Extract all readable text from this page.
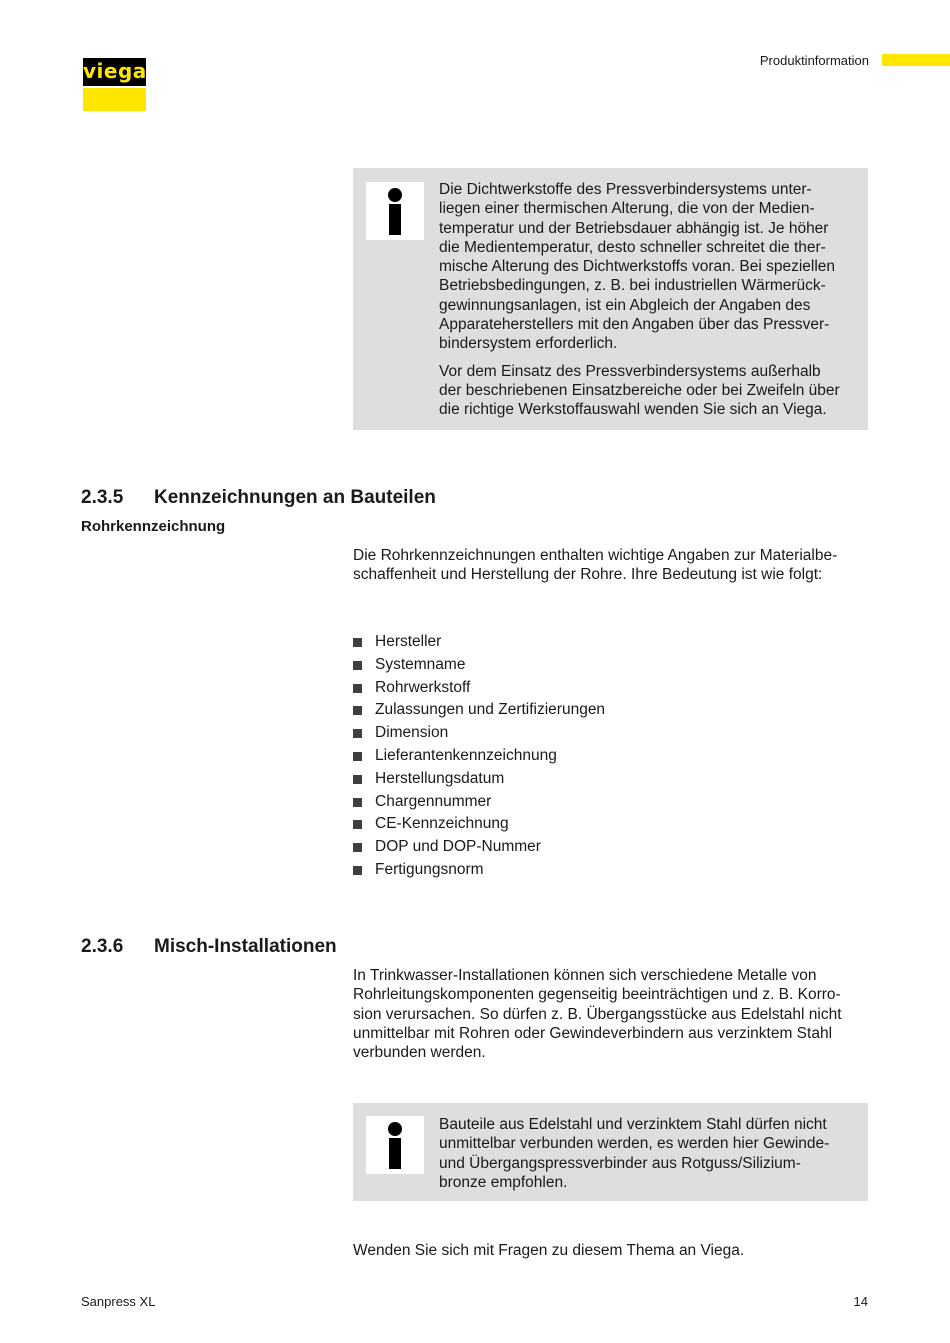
viega	Produktinformation

Die Dichtwerkstoffe des Pressverbindersystems unter-
liegen einer thermischen Alterung, die von der Medien-
temperatur und der Betriebsdauer abhängig ist. Je höher
die Medientemperatur, desto schneller schreitet die ther-
mische Alterung des Dichtwerkstoffs voran. Bei speziellen
Betriebsbedingungen, z. B. bei industriellen Wärmerück-
gewinnungsanlagen, ist ein Abgleich der Angaben des
Apparateherstellers mit den Angaben über das Pressver-
bindersystem erforderlich.

Vor dem Einsatz des Pressverbindersystems außerhalb
der beschriebenen Einsatzbereiche oder bei Zweifeln über
die richtige Werkstoffauswahl wenden Sie sich an Viega.

2.3.5 Kennzeichnungen an Bauteilen
Rohrkennzeichnung

Die Rohrkennzeichnungen enthalten wichtige Angaben zur Materialbe-
schaffenheit und Herstellung der Rohre. Ihre Bedeutung ist wie folgt:

Hersteller
Systemname
Rohrwerkstoff
Zulassungen und Zertifizierungen
Dimension
Lieferantenkennzeichnung
Herstellungsdatum
Chargennummer
CE-Kennzeichnung
DOP und DOP-Nummer
Fertigungsnorm
2.3.6 Misch-Installationen

In Trinkwasser-Installationen können sich verschiedene Metalle von
Rohrleitungskomponenten gegenseitig beeinträchtigen und z. B. Korro-
sion verursachen. So dürfen z. B. Übergangsstücke aus Edelstahl nicht
unmittelbar mit Rohren oder Gewindeverbindern aus verzinktem Stahl
verbunden werden.

Bauteile aus Edelstahl und verzinktem Stahl dürfen nicht
unmittelbar verbunden werden, es werden hier Gewinde-
und Übergangspressverbinder aus Rotguss/Silizium-
bronze empfohlen.

Wenden Sie sich mit Fragen zu diesem Thema an Viega.

Sanpress XL	14
